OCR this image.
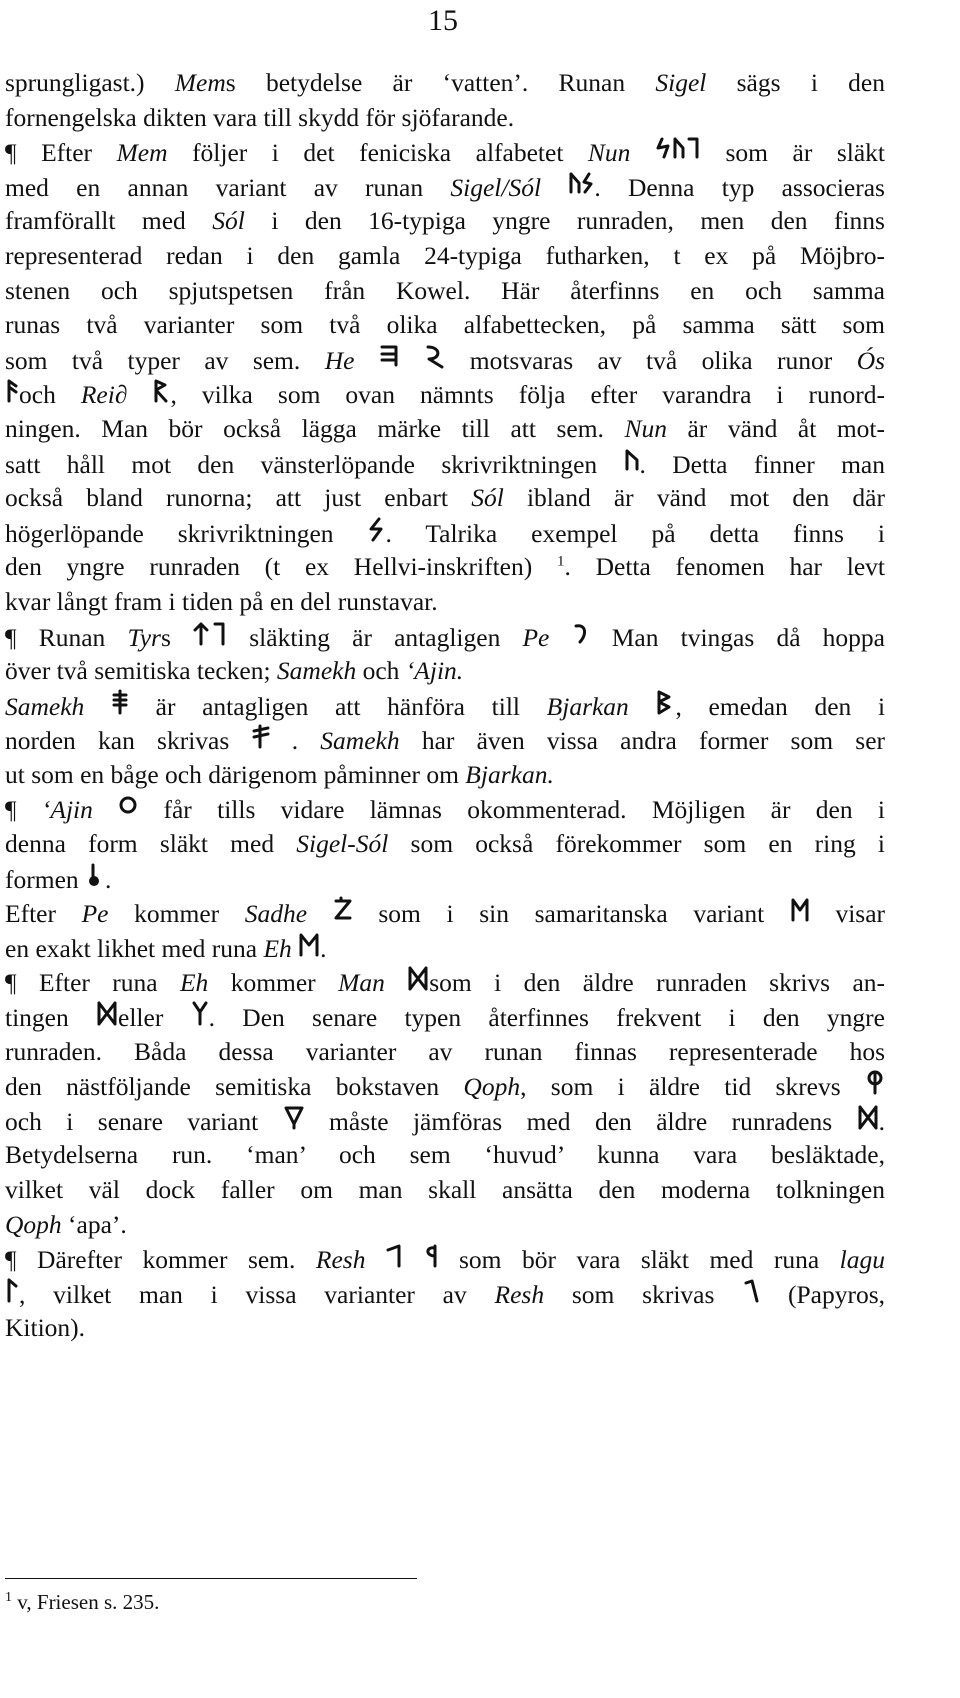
15
sprungligast.) Mems betydelse är ‘vatten’. Runan Sigel sägs i den
fornengelska dikten vara till skydd för sjöfarande.
¶ Efter Mem följer i det feniciska alfabetet Nun	som är släkt
med en annan variant av runan Sigel/Sól . Denna typ associeras
framförallt med Sól i den 16-typiga yngre runraden, men den finns
representerad redan i den gamla 24-typiga futharken, t ex på Möjbro-
stenen och spjutspetsen från Kowel. Här återfinns en och samma
runas två varianter som två olika alfabettecken, på samma sätt som
som två typer av sem. He
	motsvaras av två olika runor Ós
och Rei∂ , vilka som ovan nämnts följa efter varandra i runord-
ningen. Man bör också lägga märke till att sem. Nun är vänd åt mot-
satt håll mot den vänsterlöpande skrivriktningen
. Detta finner man
också bland runorna; att just enbart Sól ibland är vänd mot den där
högerlöpande skrivriktningen
. Talrika exempel på detta finns i
den yngre runraden (t ex Hellvi-inskriften) $^1$. Detta fenomen har levt
kvar långt fram i tiden på en del runstavar.
¶ Runan Tyrs
släkting är antagligen Pe
Man tvingas då hoppa
över två semitiska tecken; Samekh och ‘Ajin.
Samekh
är antagligen att hänföra till Bjarkan , emedan den i
norden kan skrivas
. Samekh har även vissa andra former som ser
ut som en båge och därigenom påminner om Bjarkan.
¶ ‘Ajin
får tills vidare lämnas okommenterad. Möjligen är den i
denna form släkt med Sigel-Sól som också förekommer som en ring i
formen
.
Efter Pe kommer Sadhe
som i sin samaritanska variant
visar
en exakt likhet med runa Eh .
¶ Efter runa Eh kommer Man som i den äldre runraden skrivs an-
tingen
eller
. Den senare typen återfinnes frekvent i den yngre
runraden. Båda dessa varianter av runan finnas representerade hos
den nästföljande semitiska bokstaven Qoph, som i äldre tid skrevs
och i senare variant
måste jämföras med den äldre runradens
.
Betydelserna run. ‘man’ och sem ‘huvud’ kunna vara besläktade,
vilket väl dock faller om man skall ansätta den moderna tolkningen
Qoph ‘apa’.
¶ Därefter kommer sem. Resh
	som bör vara släkt med runa lagu
, vilket man i vissa varianter av Resh som skrivas
(Papyros,
Kition).
$^1$ v, Friesen s. 235.
